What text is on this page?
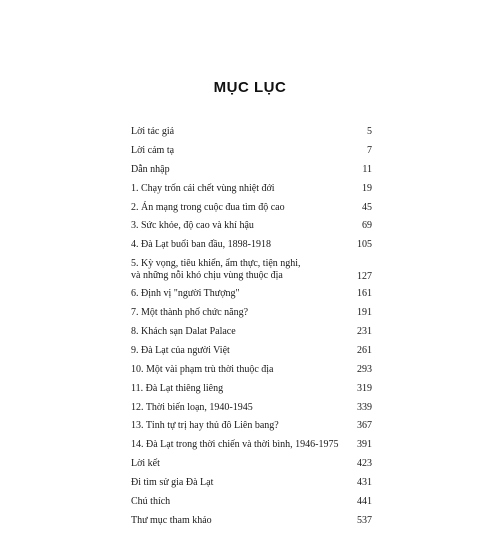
MỤC LỤC
Lời tác giả	5
Lời cảm tạ	7
Dẫn nhập	11
1. Chạy trốn cái chết vùng nhiệt đới	19
2. Án mạng trong cuộc đua tìm độ cao	45
3. Sức khỏe, độ cao và khí hậu	69
4. Đà Lạt buổi ban đầu, 1898-1918	105
5. Kỳ vọng, tiêu khiển, ẩm thực, tiện nghi,
và những nỗi khó chịu vùng thuộc địa	127
6. Định vị "người Thượng"	161
7. Một thành phố chức năng?	191
8. Khách sạn Dalat Palace	231
9. Đà Lạt của người Việt	261
10. Một vài phạm trù thời thuộc địa	293
11. Đà Lạt thiêng liêng	319
12. Thời biến loạn, 1940-1945	339
13. Tỉnh tự trị hay thủ đô Liên bang?	367
14. Đà Lạt trong thời chiến và thời bình, 1946-1975	391
Lời kết	423
Đi tìm sử gia Đà Lạt	431
Chú thích	441
Thư mục tham khảo	537
